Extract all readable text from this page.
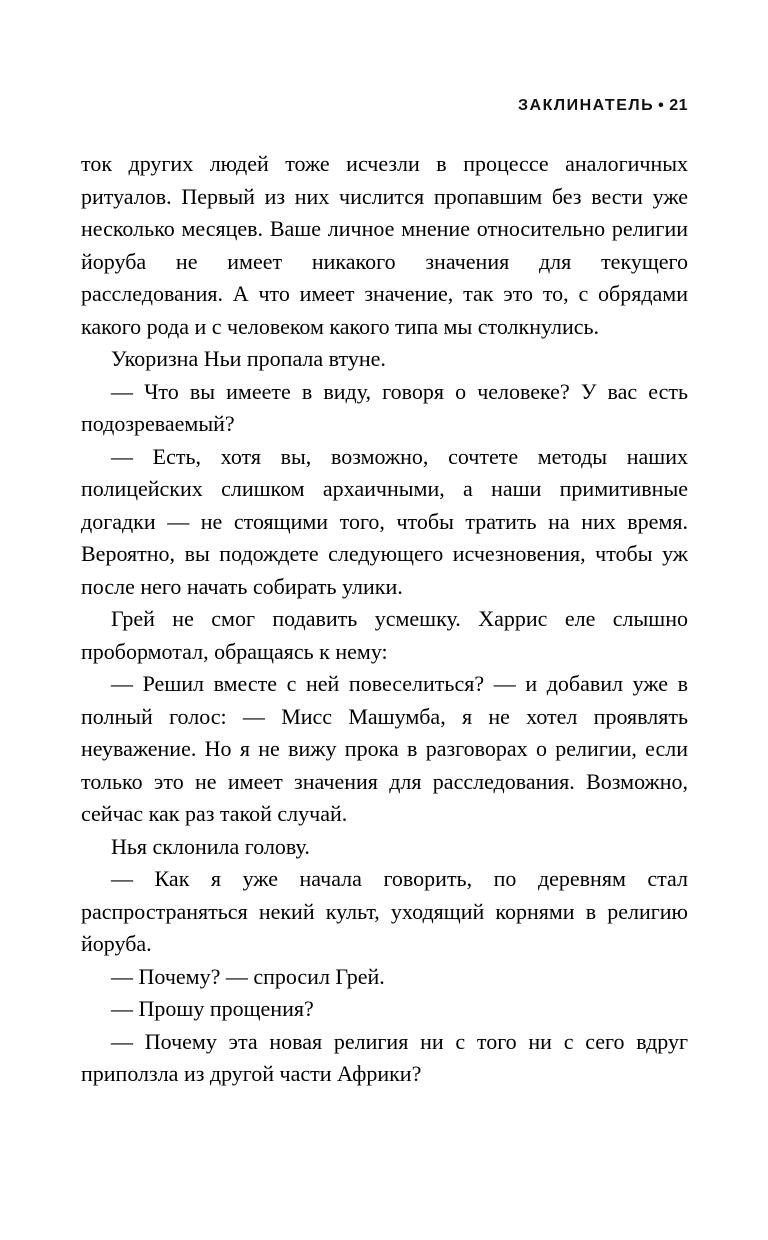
ЗАКЛИНАТЕЛЬ • 21

ток других людей тоже исчезли в процессе аналогичных ритуалов. Первый из них числится пропавшим без вести уже несколько месяцев. Ваше личное мнение относительно религии йоруба не имеет никакого значения для текущего расследования. А что имеет значение, так это то, с обрядами какого рода и с человеком какого типа мы столкнулись.

Укоризна Ньи пропала втуне.

— Что вы имеете в виду, говоря о человеке? У вас есть подозреваемый?

— Есть, хотя вы, возможно, сочтете методы наших полицейских слишком архаичными, а наши примитивные догадки — не стоящими того, чтобы тратить на них время. Вероятно, вы подождете следующего исчезновения, чтобы уж после него начать собирать улики.

Грей не смог подавить усмешку. Харрис еле слышно пробормотал, обращаясь к нему:

— Решил вместе с ней повеселиться? — и добавил уже в полный голос: — Мисс Машумба, я не хотел проявлять неуважение. Но я не вижу прока в разговорах о религии, если только это не имеет значения для расследования. Возможно, сейчас как раз такой случай.

Нья склонила голову.

— Как я уже начала говорить, по деревням стал распространяться некий культ, уходящий корнями в религию йоруба.

— Почему? — спросил Грей.

— Прошу прощения?

— Почему эта новая религия ни с того ни с сего вдруг приползла из другой части Африки?
